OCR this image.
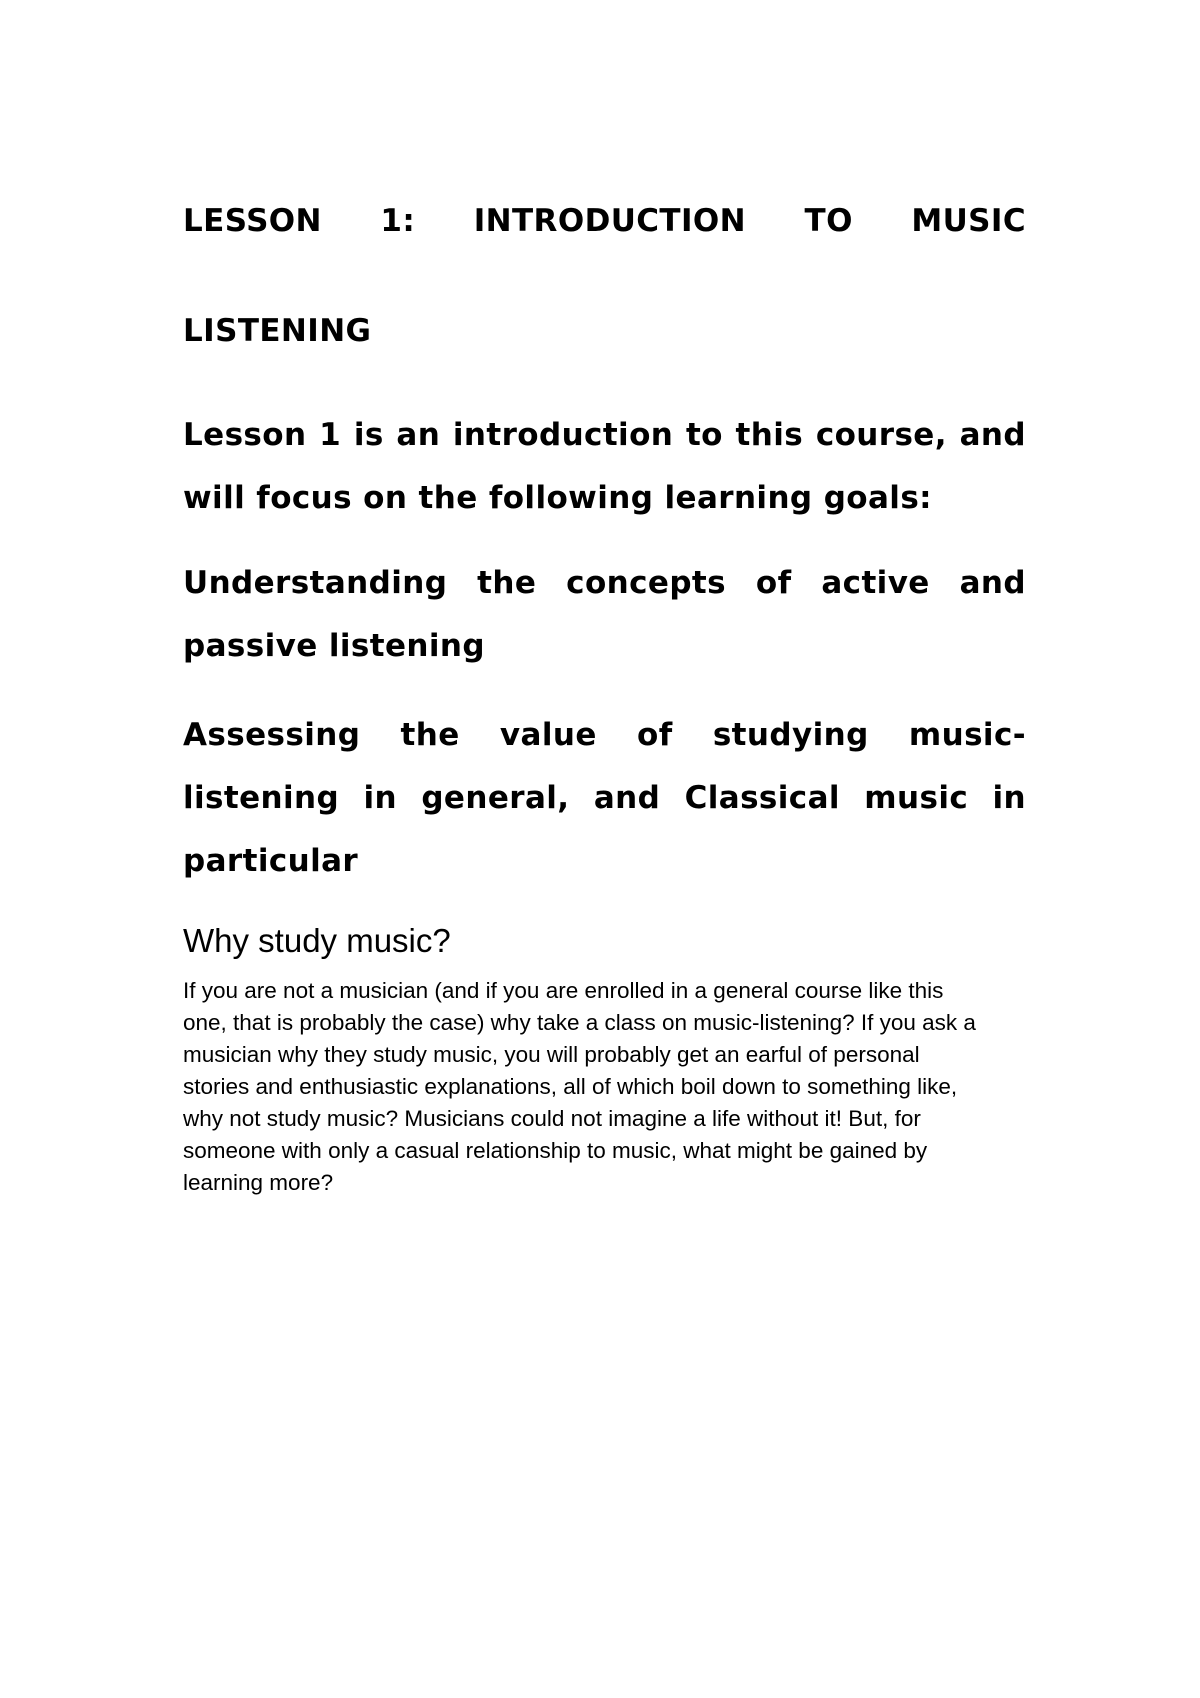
LESSON 1: INTRODUCTION TO MUSIC LISTENING

Lesson 1 is an introduction to this course, and will focus on the following learning goals:

Understanding the concepts of active and passive listening

Assessing the value of studying music-listening in general, and Classical music in particular

Why study music?

If you are not a musician (and if you are enrolled in a general course like this one, that is probably the case) why take a class on music-listening? If you ask a musician why they study music, you will probably get an earful of personal stories and enthusiastic explanations, all of which boil down to something like, why not study music? Musicians could not imagine a life without it! But, for someone with only a casual relationship to music, what might be gained by learning more?
